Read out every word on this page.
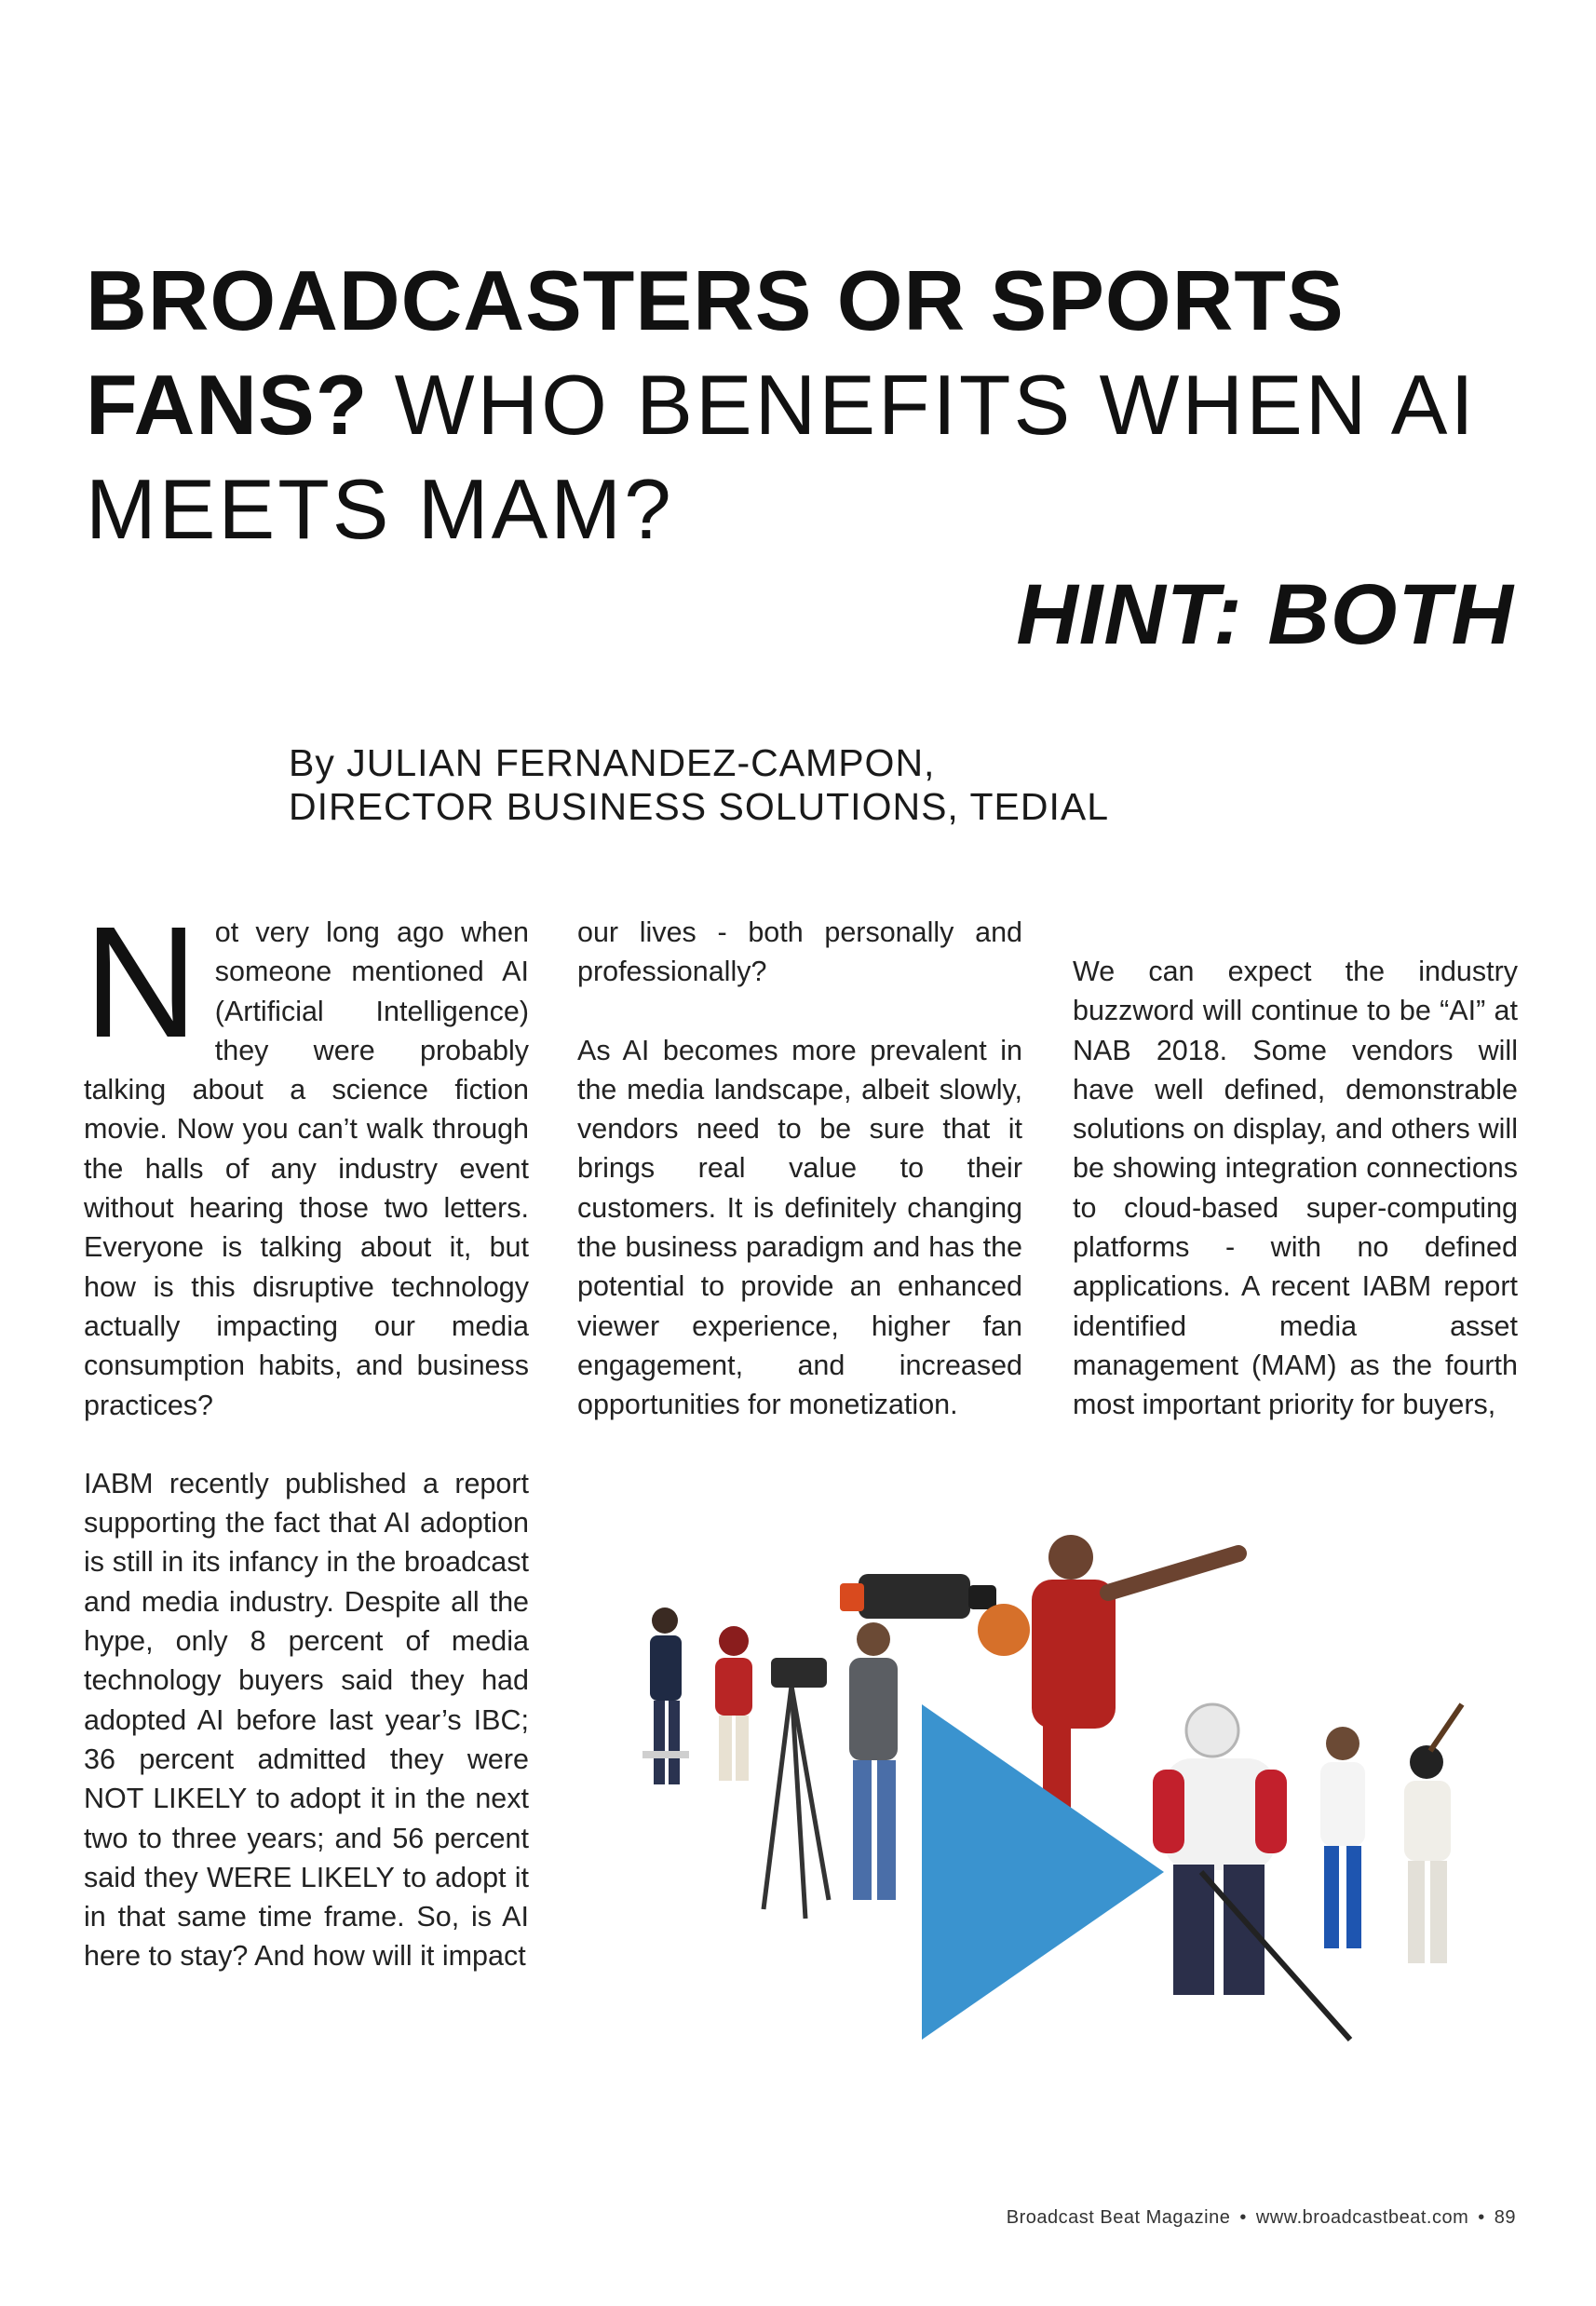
BROADCASTERS OR SPORTS FANS? WHO BENEFITS WHEN AI MEETS MAM?
HINT: BOTH
By JULIAN FERNANDEZ-CAMPON,
DIRECTOR BUSINESS SOLUTIONS, TEDIAL

Not very long ago when someone mentioned AI (Artificial Intelligence) they were probably talking about a science fiction movie. Now you can’t walk through the halls of any industry event without hearing those two letters. Everyone is talking about it, but how is this disruptive technology actually impacting our media consumption habits, and business practices?

IABM recently published a report supporting the fact that AI adoption is still in its infancy in the broadcast and media industry. Despite all the hype, only 8 percent of media technology buyers said they had adopted AI before last year’s IBC; 36 percent admitted they were NOT LIKELY to adopt it in the next two to three years; and 56 percent said they WERE LIKELY to adopt it in that same time frame. So, is AI here to stay? And how will it impact

our lives - both personally and professionally?

As AI becomes more prevalent in the media landscape, albeit slowly, vendors need to be sure that it brings real value to their customers. It is definitely changing the business paradigm and has the potential to provide an enhanced viewer experience, higher fan engagement, and increased opportunities for monetization.

We can expect the industry buzzword will continue to be “AI” at NAB 2018. Some vendors will have well defined, demonstrable solutions on display, and others will be showing integration connections to cloud-based super-computing platforms - with no defined applications. A recent IABM report identified media asset management (MAM) as the fourth most important priority for buyers,

Broadcast Beat Magazine • www.broadcastbeat.com • 89
